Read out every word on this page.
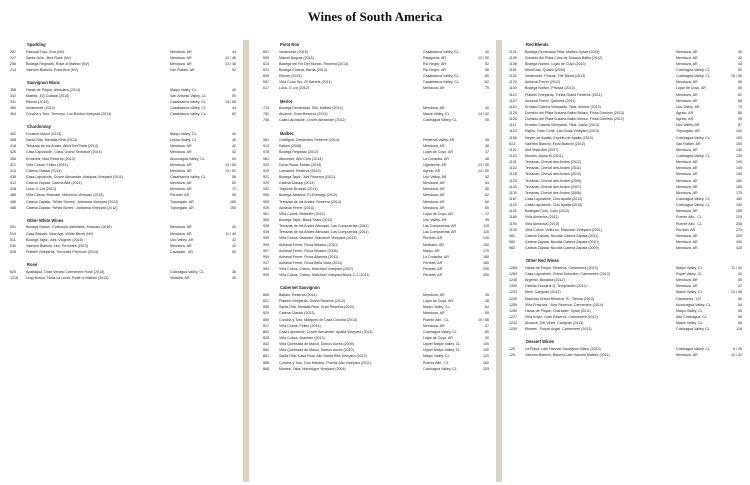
Wines of South America
Sparkling
287	Pascual Toso, Brut (NV)	Mendoza, AR	44
217	Santa Julia , Brut Rosé (NV)	Mendoza, AR	12 / 46
206	Bodega Reginato, Rosé of Malbec (NV)	Mendoza, AR	13 / 48
214	Valentín Bianchi, Extra Brut (NV)	San Rafael, AR	52
Sauvignon Blanc
356	Haras de Pirque, Albaclara (2014)	Maipo Valley, CL	40
342	Matetic, EQ Coastal (2015)	San Antonio Valley, CL	50
341	Rincón (2015)	Casablanca Valley, CL	15 / 56
360	Veramonte (2014)	Casablanca Valley, CL	44
364	Concha y Toro, Terrunyo, Los Boldos Vineyard (2014)	Casablanca Valley, CL	60
Chardonnay
452	Cousino-Macul (2013)	Maipo Valley, CL	40
468	Santa Rita, Medalla Real (2014)	Leyda Valley, CL	40
418	Terrazas de los Andes, Altos Del Plata (2014)	Mendoza, AR	42
425	Casa Lapostolle, 'Casa' Grand Selection (2014)	Mendoza, AR	42
456	Errazuriz, Max Reserva (2013)	Aconcagua Valley, CL	50
421	Viña Cobos, Felino (2014)	Mendoza, AR	14 / 50
414	Catena Classic (2014)	Mendoza, AR	14 / 52
435	Casa Lapostolle, Cuvée Alexandre, Atalayas Vineyard (2011)	Casablanca Valley, CL	58
412	Catena Zapata, Catena Alta (2014)	Mendoza, AR	65
418	Luca, G Lot (2013)	Mendoza, AR	72
486	Viña Cobos, Bramare, Marchiori Vineyard (2013)	Perdriel, AR	95
485	Catena Zapata, "White Stones", Adrianna Vineyard (2012)	Tupungato, AR	185
488	Catena Zapata, "White Bones", Adrianna Vineyard (2012)	Tupungato, AR	195
Other White Wines
501	Bodega Norton, Colección Varietales, Moscato (2016)	Mendoza, AR	40
510	Casa Bianchi, New Age, White Blend (NV)	Mendoza, AR	11 / 40
511	Bodega Tapiz, Jubi, Viognier (2015)	Uco Valley, AR	42
530	Valentín Bianchi, Leo, Torrontés (2013)	Mendoza, AR	42
518	Piattelli Vineyards, Torrontés Premium (2014)	Cavayate , AR	50
Rosé
625	Apaltagua, Gran Verano Carmenere Rose (2015)	Colchagua Valley, CL	36
1218	Luigi Bosca, Finca La Linda, Rosé of Malbec (2013)	Vistalba, AR	45
Pinot Noir
651	Veramonte (2015)	Casablanca Valley, CL	40
605	Manos Negras (2013)	Patagonia, AR	13 / 50
613	Bodega del Fin Del Mundo, Reserva (2013)	Rio Negro, AR	52
621	Bodega Chacra, Barda (2013)	Rio Negro, AR	56
659	Rincón (2015)	Casablanca Valley, CL	60
667	Viña Cono Sur, 20 Barrels (2011)	Casablanca Valley, CL	62
617	Luca, G Lot (2012)	Mendoza, AR	75
Merlot
715	Bodega Esmeralda, Tilki, Malbec (2013)	Mendoza, AR	40
752	Alcance, Gran Reserva (2013)	Maule Valley, CL	14 / 52
755	Casa Lapostolle, Cuvée Alexandre (2012)	Colchagua Valley, CL	55
Malbec
961	Graffigna, Centenario Reserve (2014)	Pedernal Valley, AR	45
913	Kaiken (2008)	Mendoza, AR	46
978	Bodega Reginato (2012)	Lujan de Cuyo, AR	47
981	Altocedro, Año Cero (2014)	La Consulta, AR	48
933	Dona Paula, Estate (2014)	Ugarteche, AR	13 / 50
919	Lamadrid, Reserva (2013)	Agrelo, AR	14 / 50
921	Bodega Tapiz, Jubi Reserva (2012)	Uco Valley, AR	52
929	Catena Classic (2014)	Mendoza, AR	54
932	Trapiche Broquel (2014)	Mendoza, AR	55
996	Bodega Aleanna, El Enemigo (2012)	Mendoza, AR	62
905	Terrazas de los Andes, Reserva (2014)	Mendoza, AR	60
925	Achaval Ferrer (2013)	Mendoza, AR	65
961	Viña Cobos, Bramare (2013)	Lujan de Cuyo, AR	72
969	Bodega Tapiz, Black Tears (2011)	Uco Valley, AR	95
938	Terrazas de los Andes Afincado, Las Compuertas (2011)	Las Compuertas, AR	115
939	Terrazas de los Andes Afincado, Las Compuertas (2011)	Las Compuertas, AR	115
999	Viña Cobos, Bramare, Marchiori Vineyard (2013)	Perdriel, AR	145
995	Achaval Ferrer, Finca Mirador (2010)	Medrano, AR	150
997	Achaval Ferrer, Finca Mirador (2008)	Maipu, AR	175
994	Achaval Ferrer, Finca Altamira (2011)	La Consulta, AR	180
917	Achaval Ferrer, Finca Bella Vista (2011)	Perdriel, AR	180
994	Viña Cobos, Cobos, Marchiori Vineyard (2007)	Perdriel, AR	295
999	Viña Cobos, Cobos, Marchiori Vineyard Block C-2 (2011)	Perdriel, AR	350
Cabernet Sauvignon
806	Ballam, Reserva (2014)	Mendoza, AR	45
821	Piattelli Vineyards, Grand Reserve (2012)	Lujan de Cuyo, AR	48
855	Santa Rita, Medalla Real, Gran Reserva (2010)	Maipo Valley, CL	54
829	Catena Classic (2013)	Mendoza, AR	55
859	Concha y Toro, Marques de Casa Concha (2013)	Puente Alto , CL	15 / 56
817	Viña Cobos, Felino (2014)	Mendoza, AR	57
862	Casa Lapostolle, Cuvée Alexandre, Apalta Vineyard (2013)	Colchagua Valley, CL	60
828	Viña Cobos, Bramare (2013)	Lujan de Cuyo, AR	90
842	Viña Quebrada de Macul, Domus Aurea (2009)	Upper Maipo Valley, CL	100
864	Viña Quebrada de Macul, Domus Aurea (2010)	Upper Maipo Valley, CL	100
861	Santa Rita, Casa Real, Alto Santa Rita Vineyard (2013)	Maipo Valley, CL	120
866	Concha y Toro, Don Melchor, Puente Alto Vineyard (2011)	Puente Alto , CL	160
868	Montes, Taita, Marchigue Vineyard (2009)	Colchagua Valley, CL	325
Red Blends
1101	Bodega Esmeralda Tilka, Malbec-Syrah (2015)	Mendoza, AR	40
1106	Dominio del Plata Crios de Susana Balbo (2012)	Mendoza, AR	42
1108	Bodega Norton, Lujan de Cuyo (2013)	Mendoza, AR	44
1151	MontGras, Quatro (2009)	Colchagua Valley, CL	50
1152	Veramonte, Primus, The Blend (2013)	Colchagua Valley, CL	15 / 56
1170	Achaval-Ferrer (2012)	Mendoza, AR	60
1100	Bodega Norton, Privada (2013)	Lujan de Cuyo, AR	60
1113	Piattelli Vineyards, Trinita Grand Reserve (2011)	Mendoza, AR	62
1107	Achaval-Ferrer, Quimera (2011)	Mendoza, AR	68
1110	Ernesto Catena Vineyards, Tikal, Amorio (2013)	Uco Valley, AR	70
1125	Dominio del Plata Susana Balbo Brioso, Finca Dominio (2013)	Agrelo, AR	85
1126	Dominio del Plata Susana Balbo Brioso, Finca Dominio (2012)	Agrelo, AR	90
1111	Ernesto Catena Vineyards, Tikal, Jubilo (2013)	Uco Valley, AR	87
1123	Riglos, Gran Corte, Las Divas Vineyard (2013)	Tupungato, AR	100
1159	Neyen de Apalta, Espíritu de Apalta (2010)	Colchagua Valley, CL	105
813	Valentín Bianchi, Enzo Bianchi (2012)	San Rafael, AR	105
1121	Alta Vista Alto (2007)	Mendoza, AR	130
1163	Montes, Alpha M (2011)	Colchagua Valley, CL	135
1131	Terrazas, Cheval des Andes (2012)	Mendoza, AR	140
1132	Terrazas, Cheval des Andes (2011)	Mendoza, AR	145
1128	Terrazas, Cheval des Andes (2010)	Mendoza, AR	150
1129	Terrazas, Cheval des Andes (2009)	Mendoza, AR	160
1130	Terrazas, Cheval des Andes (2007)	Mendoza, AR	165
1135	Terrazas, Cheval des Andes (2006)	Mendoza, AR	175
1167	Casa Lapostolle, Clos Apalta (2012)	Colchagua Valley, CL	180
1120	Casa Lapostolle, Clos Apalta (2010)	Colchagua Valley, CL	190
1118	Bodegas Caro, Caro (2013)	Mendoza, AR	195
1185	Viña Almaviva (2011)	Puente Alto , CL	225
1190	Viña Almaviva (2010)	Puente Alto , CL	245
1105	Viña Cobos, Volturno, Marchiori Vineyard (2011)	Perdriel, AR	275
981	Catena Zapata, Nicolás Catena Zapata (2011)	Mendoza, AR	320
980	Catena Zapata, Nicolás Catena Zapata (2010)	Mendoza, AR	400
982	Catena Zapata, Nicolás Catena Zapata (2009)	Mendoza, AR	425
Other Red Wines
1268	Haras de Pirque, Reserva, Carmenere (2013)	Maipo Valley, CL	11 / 40
1260	Casa Lapostolle, Grand Selection, Carmenere (2013)	Rapel Valley, CL	42
1245	Argento, Bonarda (2012)	Mendoza, AR	45
1300	Familia Zuccardi Q, Tempranillo (2011)	Mendoza, AR	47
1233	Melti, Carignan (2012)	Maule Valley, CL	13 / 48
1249	Marichal Grand Reserve "A", Tannat (2013)	Canelones , UY	50
1259	Viña Errazuriz , Max Reserva, Carmenere (2014)	Aconcagua Valley, CL	54
1250	Haras de Pirque, Character, Syrah (2011)	Maipo Valley, CL	55
1277	Viña Koyle, Gran Reserva, Carmenere (2012)	Alto Colchagua, CL	56
1242	Alcance, Old Vines, Carignan (2013)	Maule Valley, CL	60
1259	Montes , Purple Angel, Carmenere (2013)	Colchagua Valley, CL	118
Dessert Wines
120	La Playa, Late Harvest Sauvignon Blanc (2013)	Colchagua Valley, CL	8 / 26
125	Valentín Bianchi, Bianchi Late Harvest Malbec (2011)	Mendoza, AR	12 / 42
